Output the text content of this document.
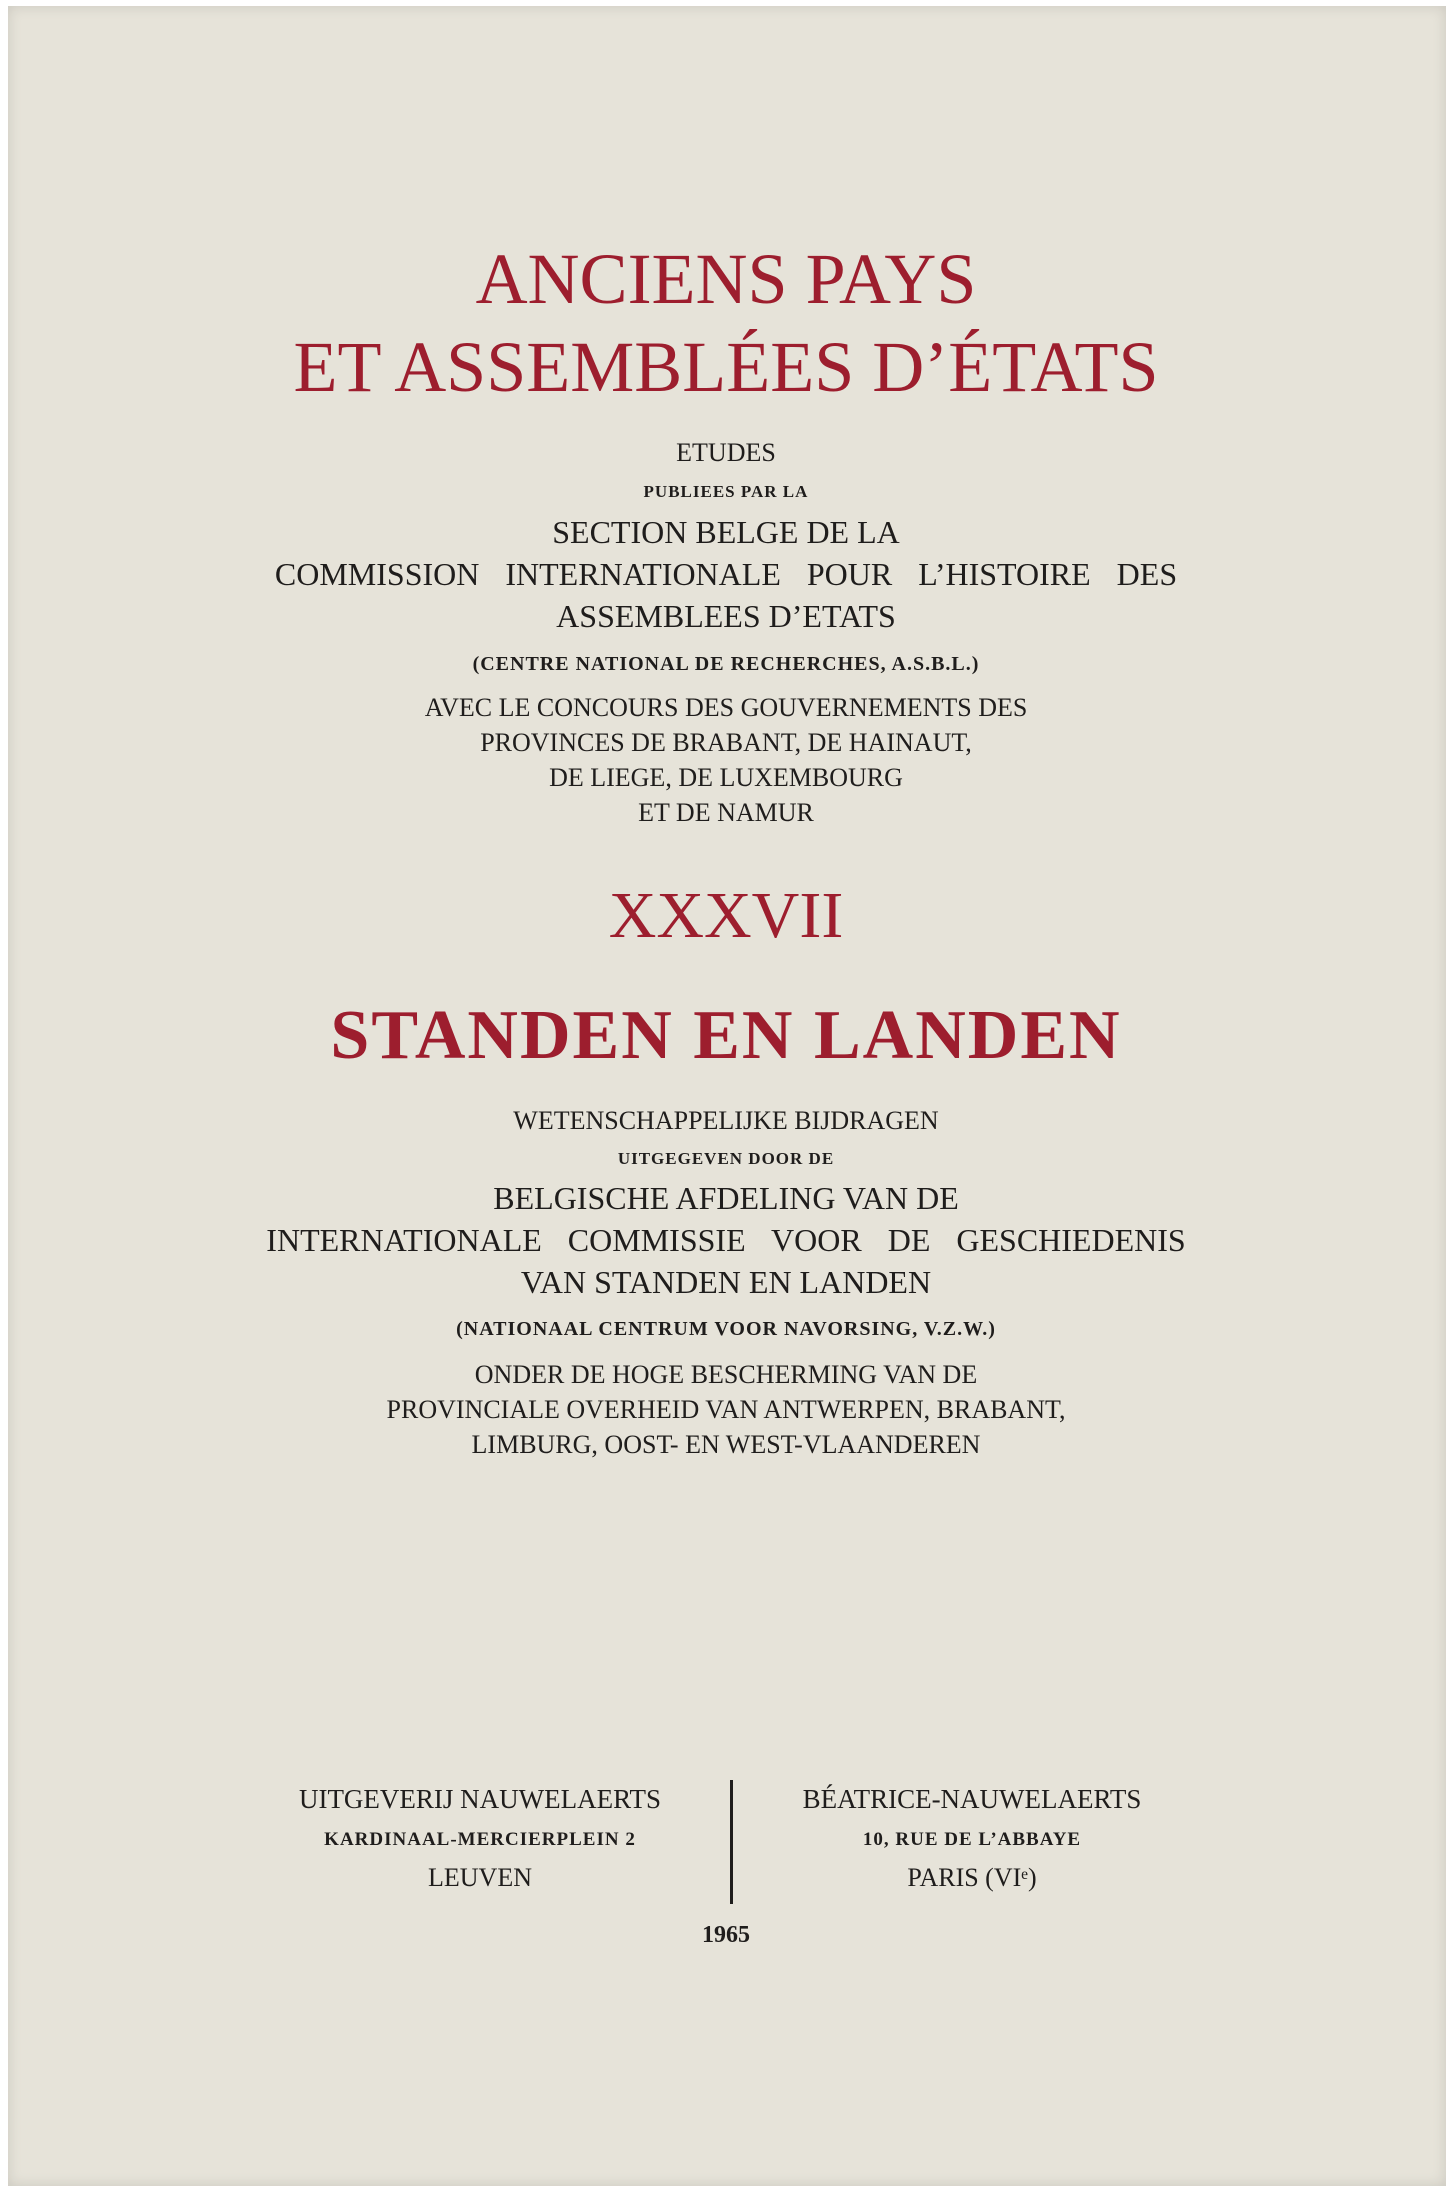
ANCIENS PAYS
ET ASSEMBLÉES D’ÉTATS
ETUDES
PUBLIEES PAR LA
SECTION BELGE DE LA
COMMISSION INTERNATIONALE POUR L’HISTOIRE DES
ASSEMBLEES D’ETATS
(CENTRE NATIONAL DE RECHERCHES, A.S.B.L.)
AVEC LE CONCOURS DES GOUVERNEMENTS DES
PROVINCES DE BRABANT, DE HAINAUT,
DE LIEGE, DE LUXEMBOURG
ET DE NAMUR
XXXVII
STANDEN EN LANDEN
WETENSCHAPPELIJKE BIJDRAGEN
UITGEGEVEN DOOR DE
BELGISCHE AFDELING VAN DE
INTERNATIONALE COMMISSIE VOOR DE GESCHIEDENIS
VAN STANDEN EN LANDEN
(NATIONAAL CENTRUM VOOR NAVORSING, V.Z.W.)
ONDER DE HOGE BESCHERMING VAN DE
PROVINCIALE OVERHEID VAN ANTWERPEN, BRABANT,
LIMBURG, OOST- EN WEST-VLAANDEREN
UITGEVERIJ NAUWELAERTS
KARDINAAL-MERCIERPLEIN 2
LEUVEN
BÉATRICE-NAUWELAERTS
10, RUE DE L’ABBAYE
PARIS (VIᵉ)
1965
